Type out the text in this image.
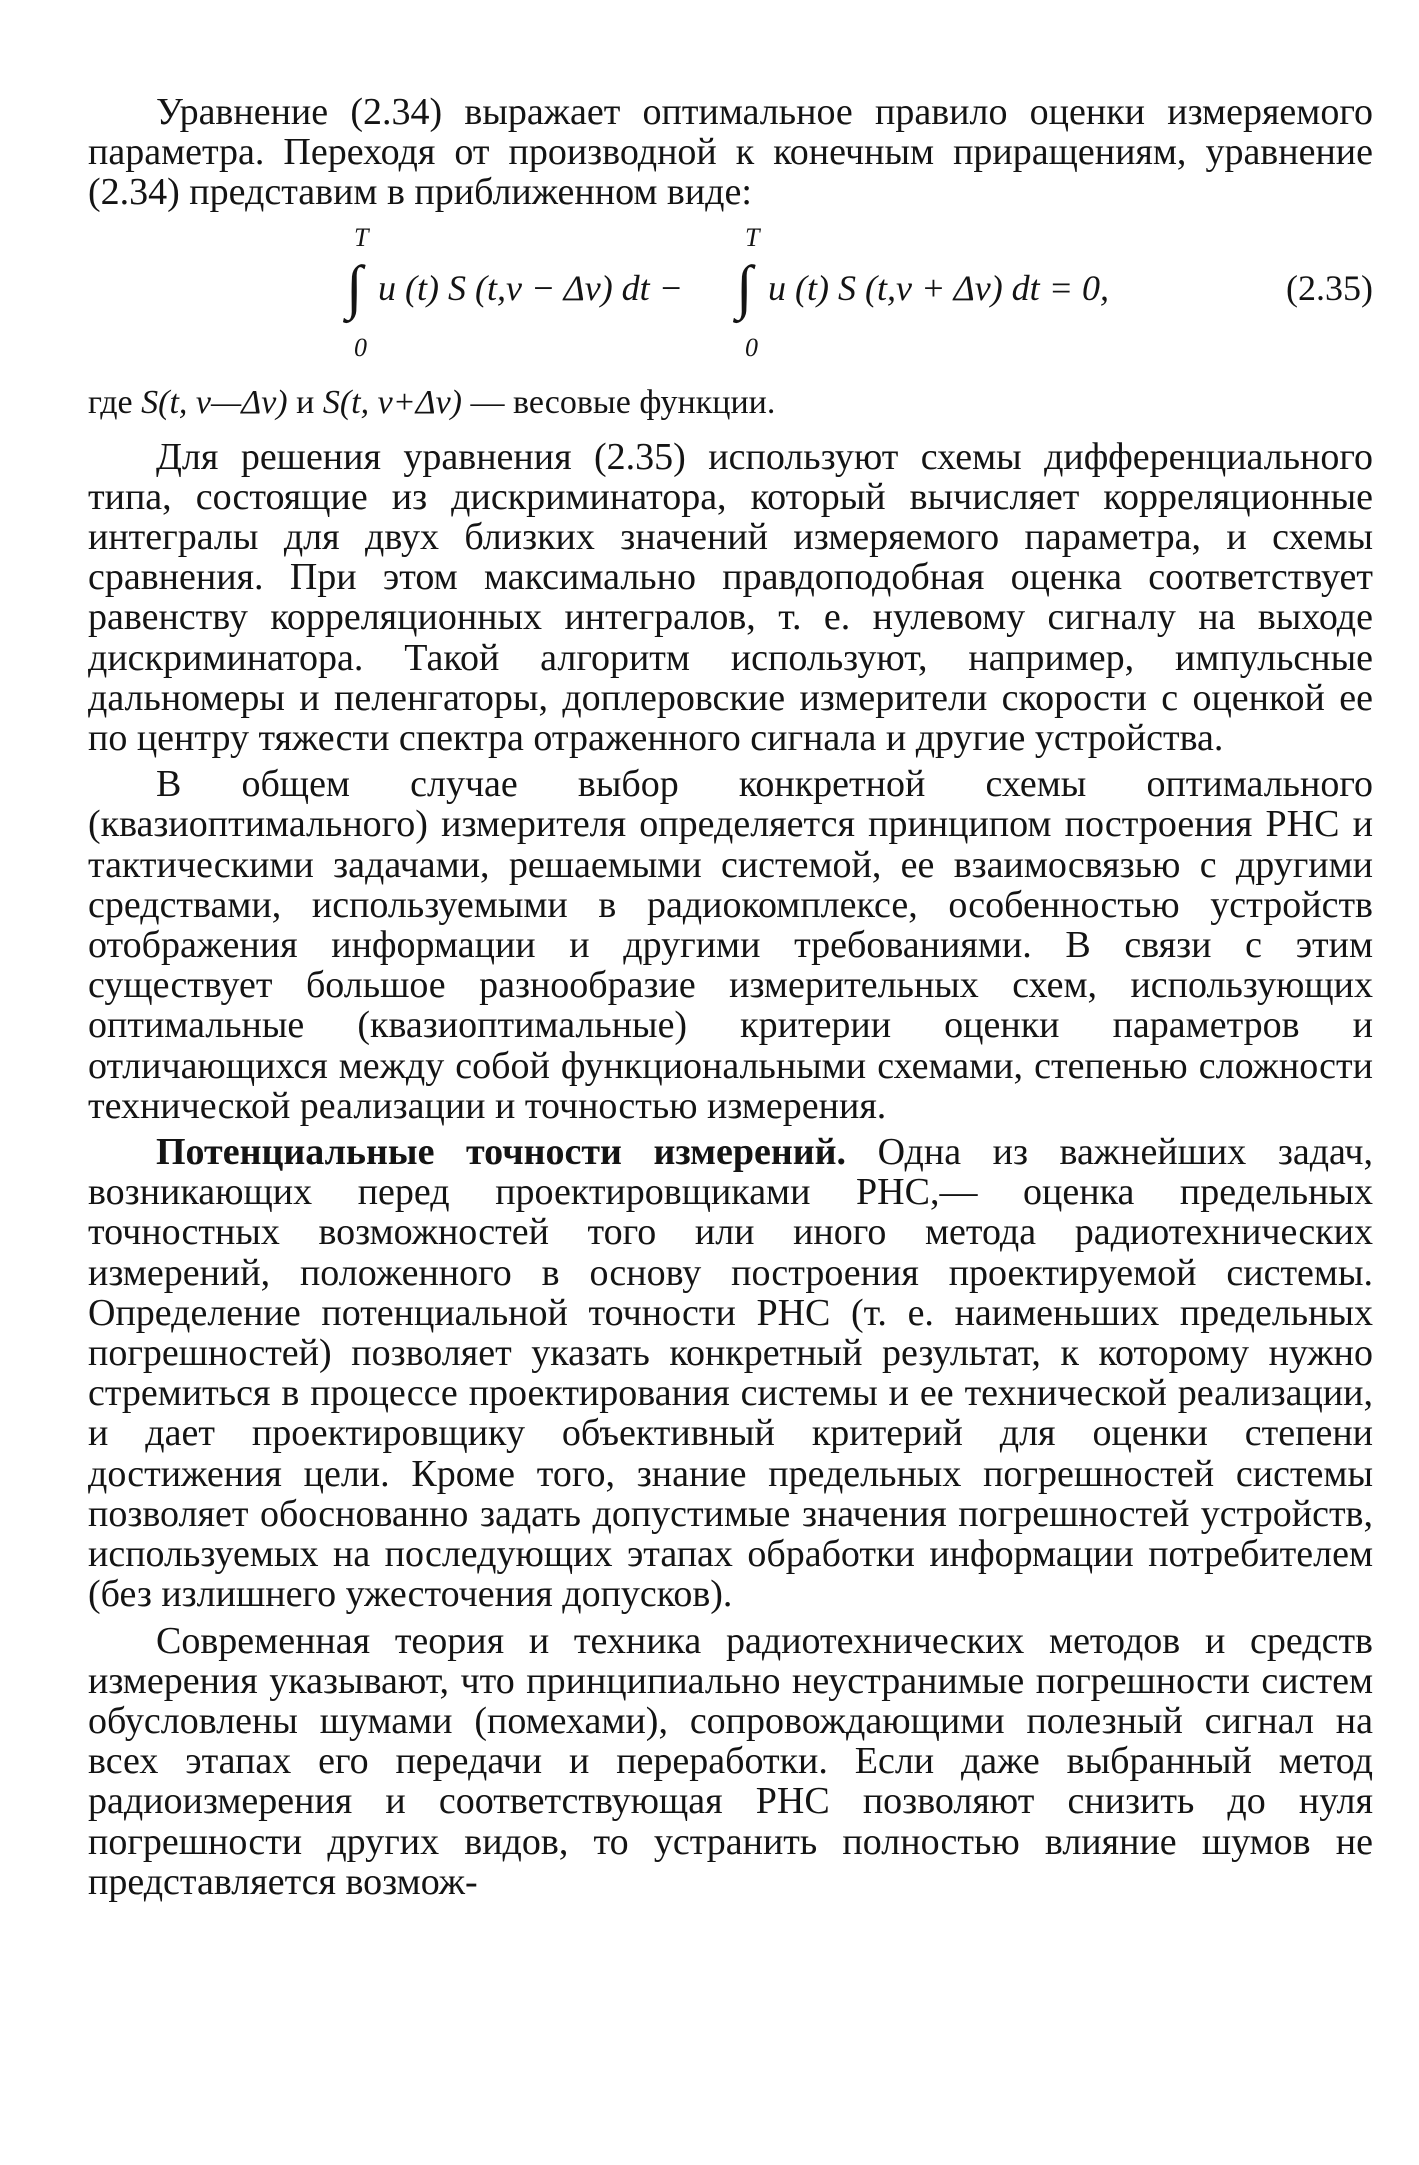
Уравнение (2.34) выражает оптимальное правило оценки измеряемого параметра. Переходя от производной к конечным приращениям, уравнение (2.34) представим в приближенном виде:

T
∫
0
u (t) S (t,ν − Δν) dt −
T
∫
0
u (t) S (t,ν + Δν) dt = 0,	(2.35)

где S(t, ν—Δν) и S(t, ν+Δν) — весовые функции.

Для решения уравнения (2.35) используют схемы дифференциального типа, состоящие из дискриминатора, который вычисляет корреляционные интегралы для двух близких значений измеряемого параметра, и схемы сравнения. При этом максимально правдоподобная оценка соответствует равенству корреляционных интегралов, т. е. нулевому сигналу на выходе дискриминатора. Такой алгоритм используют, например, импульсные дальномеры и пеленгаторы, доплеровские измерители скорости с оценкой ее по центру тяжести спектра отраженного сигнала и другие устройства.

В общем случае выбор конкретной схемы оптимального (квазиоптимального) измерителя определяется принципом построения РНС и тактическими задачами, решаемыми системой, ее взаимосвязью с другими средствами, используемыми в радиокомплексе, особенностью устройств отображения информации и другими требованиями. В связи с этим существует большое разнообразие измерительных схем, использующих оптимальные (квазиоптимальные) критерии оценки параметров и отличающихся между собой функциональными схемами, степенью сложности технической реализации и точностью измерения.

Потенциальные точности измерений. Одна из важнейших задач, возникающих перед проектировщиками РНС,— оценка предельных точностных возможностей того или иного метода радиотехнических измерений, положенного в основу построения проектируемой системы. Определение потенциальной точности РНС (т. е. наименьших предельных погрешностей) позволяет указать конкретный результат, к которому нужно стремиться в процессе проектирования системы и ее технической реализации, и дает проектировщику объективный критерий для оценки степени достижения цели. Кроме того, знание предельных погрешностей системы позволяет обоснованно задать допустимые значения погрешностей устройств, используемых на последующих этапах обработки информации потребителем (без излишнего ужесточения допусков).

Современная теория и техника радиотехнических методов и средств измерения указывают, что принципиально неустранимые погрешности систем обусловлены шумами (помехами), сопровождающими полезный сигнал на всех этапах его передачи и переработки. Если даже выбранный метод радиоизмерения и соответствующая РНС позволяют снизить до нуля погрешности других видов, то устранить полностью влияние шумов не представляется возмож-
